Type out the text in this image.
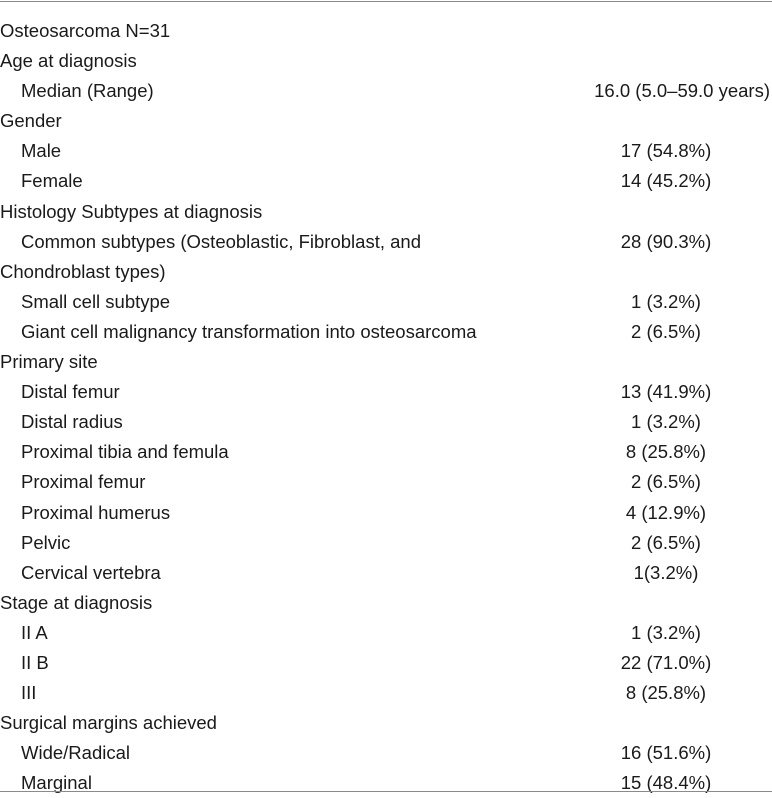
Osteosarcoma N=31	
Age at diagnosis	
Median (Range)	16.0 (5.0–59.0 years)
Gender	
Male	17 (54.8%)
Female	14 (45.2%)
Histology Subtypes at diagnosis	
Common subtypes (Osteoblastic, Fibroblast, and	28 (90.3%)
Chondroblast types)	
Small cell subtype	1 (3.2%)
Giant cell malignancy transformation into osteosarcoma	2 (6.5%)
Primary site	
Distal femur	13 (41.9%)
Distal radius	1 (3.2%)
Proximal tibia and femula	8 (25.8%)
Proximal femur	2 (6.5%)
Proximal humerus	4 (12.9%)
Pelvic	2 (6.5%)
Cervical vertebra	1(3.2%)
Stage at diagnosis	
II A	1 (3.2%)
II B	22 (71.0%)
III	8 (25.8%)
Surgical margins achieved	
Wide/Radical	16 (51.6%)
Marginal	15 (48.4%)
